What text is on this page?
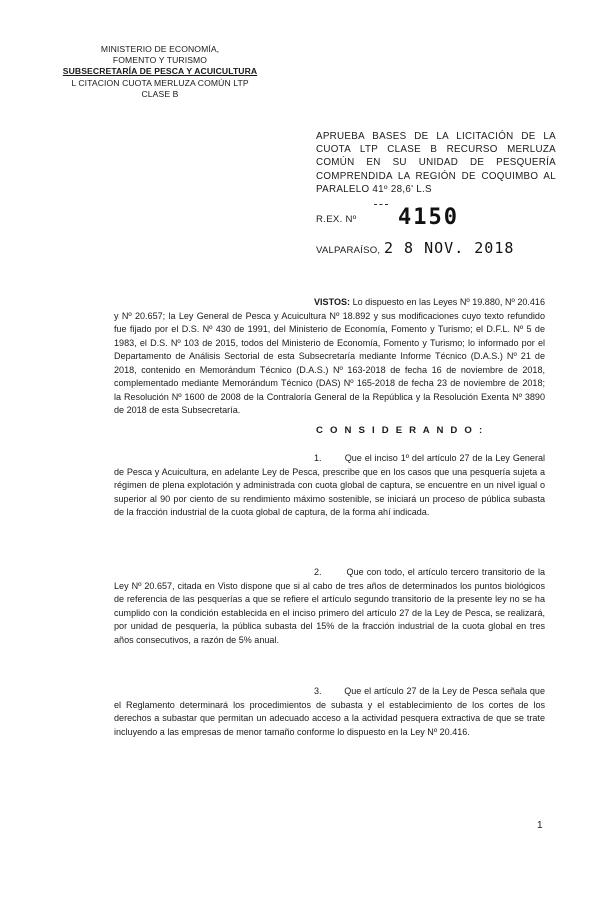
MINISTERIO DE ECONOMÍA,
FOMENTO Y TURISMO
SUBSECRETARÍA DE PESCA Y ACUICULTURA
L CITACION CUOTA MERLUZA COMÚN LTP
CLASE B
APRUEBA BASES DE LA LICITACIÓN DE LA CUOTA LTP CLASE B RECURSO MERLUZA COMÚN EN SU UNIDAD DE PESQUERÍA COMPRENDIDA LA REGIÓN DE COQUIMBO AL PARALELO 41º 28,6' L.S
R.EX. Nº 4150
VALPARAÍSO, 2 8 NOV. 2018
VISTOS: Lo dispuesto en las Leyes Nº 19.880, Nº 20.416 y Nº 20.657; la Ley General de Pesca y Acuicultura Nº 18.892 y sus modificaciones cuyo texto refundido fue fijado por el D.S. Nº 430 de 1991, del Ministerio de Economía, Fomento y Turismo; el D.F.L. Nº 5 de 1983, el D.S. Nº 103 de 2015, todos del Ministerio de Economía, Fomento y Turismo; lo informado por el Departamento de Análisis Sectorial de esta Subsecretaría mediante Informe Técnico (D.A.S.) Nº 21 de 2018, contenido en Memorándum Técnico (D.A.S.) Nº 163-2018 de fecha 16 de noviembre de 2018, complementado mediante Memorándum Técnico (DAS) Nº 165-2018 de fecha 23 de noviembre de 2018; la Resolución Nº 1600 de 2008 de la Contraloría General de la República y la Resolución Exenta Nº 3890 de 2018 de esta Subsecretaría.
C O N S I D E R A N D O :
1.	Que el inciso 1º del artículo 27 de la Ley General de Pesca y Acuicultura, en adelante Ley de Pesca, prescribe que en los casos que una pesquería sujeta a régimen de plena explotación y administrada con cuota global de captura, se encuentre en un nivel igual o superior al 90 por ciento de su rendimiento máximo sostenible, se iniciará un proceso de pública subasta de la fracción industrial de la cuota global de captura, de la forma ahí indicada.
2.	Que con todo, el artículo tercero transitorio de la Ley Nº 20.657, citada en Visto dispone que si al cabo de tres años de determinados los puntos biológicos de referencia de las pesquerías a que se refiere el artículo segundo transitorio de la presente ley no se ha cumplido con la condición establecida en el inciso primero del artículo 27 de la Ley de Pesca, se realizará, por unidad de pesquería, la pública subasta del 15% de la fracción industrial de la cuota global en tres años consecutivos, a razón de 5% anual.
3.	Que el artículo 27 de la Ley de Pesca señala que el Reglamento determinará los procedimientos de subasta y el establecimiento de los cortes de los derechos a subastar que permitan un adecuado acceso a la actividad pesquera extractiva de que se trate incluyendo a las empresas de menor tamaño conforme lo dispuesto en la Ley Nº 20.416.
1
